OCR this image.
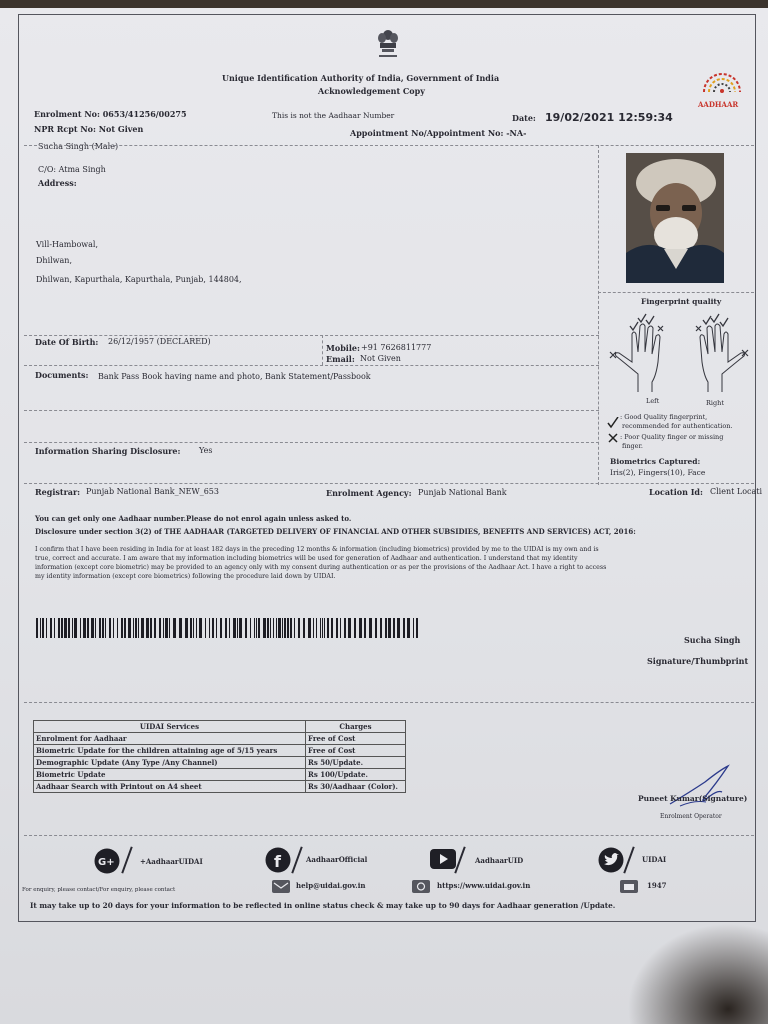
Unique Identification Authority of India, Government of India
Acknowledgement Copy
AADHAAR
Enrolment No: 0653/41256/00275	This is not the Aadhaar Number	Date: 19/02/2021 12:59:34
NPR Rcpt No: Not Given	Appointment No/Appointment No: -NA-
Sucha Singh (Male)
C/O: Atma Singh
Address:
Vill-Hambowal,
Dhilwan,
Dhilwan, Kapurthala, Kapurthala, Punjab, 144804,
Fingerprint quality
Left	Right
: Good Quality fingerprint,
recommended for authentication.
: Poor Quality finger or missing
finger.
Biometrics Captured:
Iris(2), Fingers(10), Face
Date Of Birth: 26/12/1957 (DECLARED)
Mobile: +91 7626811777
Email: Not Given
Documents: Bank Pass Book having name and photo, Bank Statement/Passbook
Information Sharing Disclosure: Yes
Registrar: Punjab National Bank_NEW_653	Enrolment Agency: Punjab National Bank	Location Id: Client Locati
You can get only one Aadhaar number.Please do not enrol again unless asked to.
Disclosure under section 3(2) of THE AADHAAR (TARGETED DELIVERY OF FINANCIAL AND OTHER SUBSIDIES, BENEFITS AND SERVICES) ACT, 2016:
I confirm that I have been residing in India for at least 182 days in the preceding 12 months & information (including biometrics) provided by me to the UIDAI is my own and is
true, correct and accurate. I am aware that my information including biometrics will be used for generation of Aadhaar and authentication. I understand that my identity
information (except core biometric) may be provided to an agency only with my consent during authentication or as per the provisions of the Aadhaar Act. I have a right to access
my identity information (except core biometrics) following the procedure laid down by UIDAI.
Sucha Singh
Signature/Thumbprint
UIDAI Services	Charges
Enrolment for Aadhaar	Free of Cost
Biometric Update for the children attaining age of 5/15 years	Free of Cost
Demographic Update (Any Type /Any Channel)	Rs 50/Update.
Biometric Update	Rs 100/Update.
Aadhaar Search with Printout on A4 sheet	Rs 30/Aadhaar (Color).
Puneet Kumar(Signature)
Enrolment Operator
G+	+AadhaarUIDAI	f	AadhaarOfficial	AadhaarUID	UIDAI
For enquiry, please contact/For enquiry, please contact	help@uidai.gov.in	https://www.uidai.gov.in	1947
It may take up to 20 days for your information to be reflected in online status check & may take up to 90 days for Aadhaar generation /Update.
